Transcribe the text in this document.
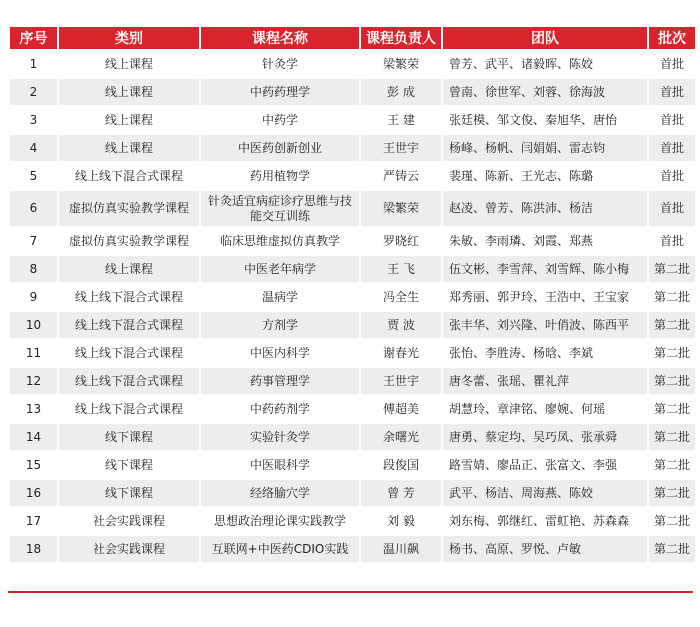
序号	类别	课程名称	课程负责人	团队	批次
1	线上课程	针灸学	梁繁荣	曾芳、武平、诸毅晖、陈姣	首批
2	线上课程	中药药理学	彭 成	曾南、徐世军、刘蓉、徐海波	首批
3	线上课程	中药学	王 建	张廷模、邹文俊、秦旭华、唐怡	首批
4	线上课程	中医药创新创业	王世宇	杨峰、杨帆、闫娟娟、雷志钧	首批
5	线上线下混合式课程	药用植物学	严铸云	裴瑾、陈新、王光志、陈璐	首批
6	虚拟仿真实验教学课程	针灸适宜病症诊疗思维与技能交互训练	梁繁荣	赵凌、曾芳、陈洪沛、杨洁	首批
7	虚拟仿真实验教学课程	临床思维虚拟仿真教学	罗晓红	朱敏、李雨璘、刘霞、郑燕	首批
8	线上课程	中医老年病学	王 飞	伍文彬、李雪萍、刘雪辉、陈小梅	第二批
9	线上线下混合式课程	温病学	冯全生	郑秀丽、郭尹玲、王浩中、王宝家	第二批
10	线上线下混合式课程	方剂学	贾 波	张丰华、刘兴隆、叶俏波、陈西平	第二批
11	线上线下混合式课程	中医内科学	谢春光	张怡、李胜涛、杨晗、李斌	第二批
12	线上线下混合式课程	药事管理学	王世宇	唐冬蕾、张瑶、瞿礼萍	第二批
13	线上线下混合式课程	中药药剂学	傅超美	胡慧玲、章津铭、廖婉、何瑶	第二批
14	线下课程	实验针灸学	余曙光	唐勇、蔡定均、吴巧凤、张承舜	第二批
15	线下课程	中医眼科学	段俊国	路雪婧、廖品正、张富文、李强	第二批
16	线下课程	经络腧穴学	曾 芳	武平、杨洁、周海燕、陈姣	第二批
17	社会实践课程	思想政治理论课实践教学	刘 毅	刘东梅、郭继红、雷虹艳、苏森森	第二批
18	社会实践课程	互联网+中医药CDIO实践	温川飙	杨书、高原、罗悦、卢敏	第二批
